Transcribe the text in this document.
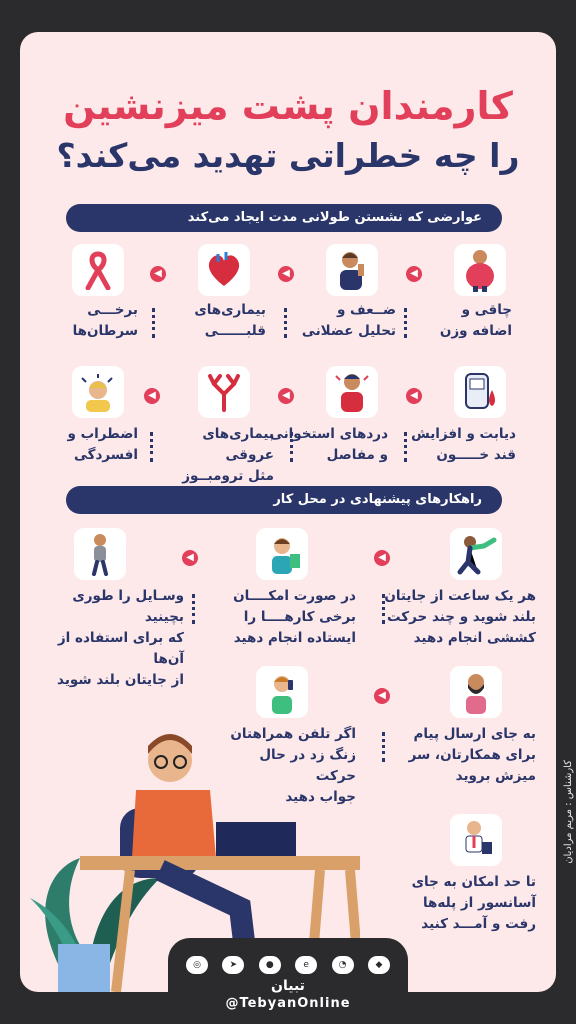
کارمندان پشت میزنشین
را چه خطراتی تهدید می‌کند؟
عوارضی که نشستن طولانی مدت ایجاد می‌کند
◀
چاقی و
اضافه وزن
◀
ضــعف و
تحلیل عضلانی
◀
بیماری‌های
قلبــــــی
برخـــی
سرطان‌ها
◀
دیابت و افزایش
قند خـــــون
◀
دردهای استخوانی
و مفاصل
◀
بیماری‌های عروقی
مثل ترومبــوز
اضطراب و
افسردگی
راهکارهای پیشنهادی در محل کار
◀
هر یک ساعت از جایتان
بلند شوید و چند حرکت
کششی انجام دهید
◀
در صورت امکــــان
برخی کارهــــا را
ایستاده انجام دهید
وسـایل را طوری بچینید
که برای استفاده از آن‌ها
از جایتان بلند شوید
◀
به جای ارسال پیام
برای همکارتان، سر
میزش بروید
اگر تلفن همراهتان
زنگ زد در حال حرکت
جواب دهید
تا حد امکان به جای
آسانسور از پله‌ها
رفت و آمـــد کنید
کارشناس : مریم مرادیان
◎	➤	●	e	◔	◆
تبیان
@TebyanOnline
